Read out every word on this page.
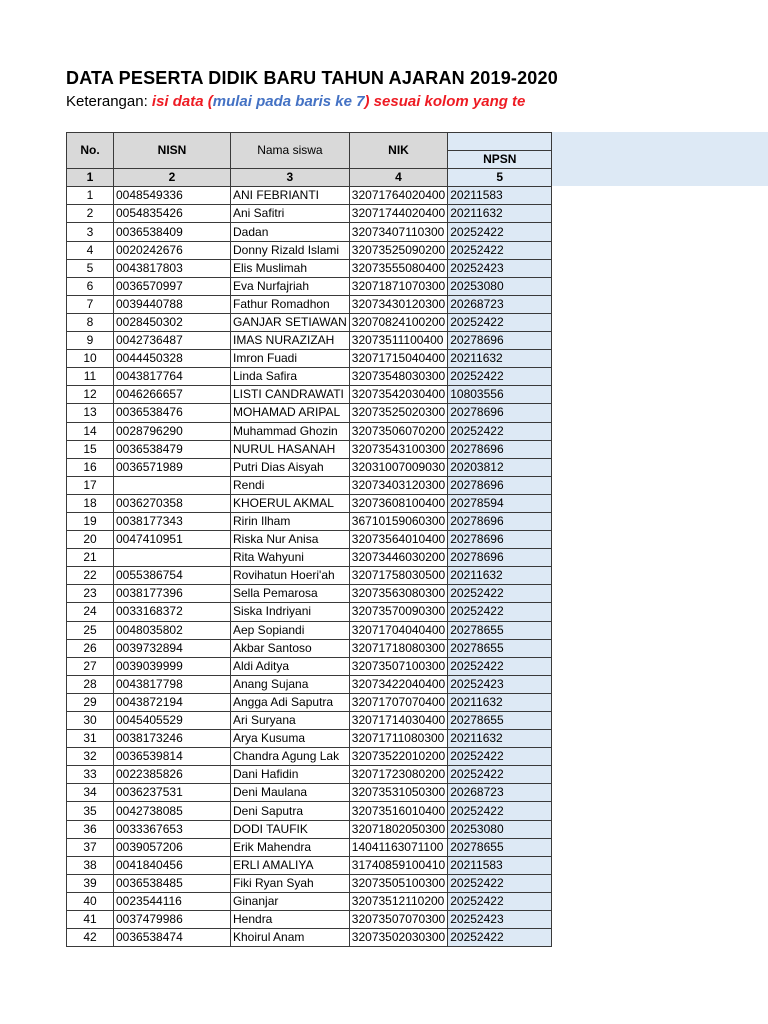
DATA PESERTA DIDIK BARU TAHUN AJARAN 2019-2020
Keterangan: isi data (mulai pada baris ke 7) sesuai kolom yang te
No.	NISN	Nama siswa	NIK	
				NPSN
1	2	3	4	5
1	0048549336	ANI FEBRIANTI	32071764020400	20211583
2	0054835426	Ani Safitri	32071744020400	20211632
3	0036538409	Dadan	32073407110300	20252422
4	0020242676	Donny Rizald Islami	32073525090200	20252422
5	0043817803	Elis Muslimah	32073555080400	20252423
6	0036570997	Eva Nurfajriah	32071871070300	20253080
7	0039440788	Fathur Romadhon	32073430120300	20268723
8	0028450302	GANJAR SETIAWAN	32070824100200	20252422
9	0042736487	IMAS NURAZIZAH	32073511100400	20278696
10	0044450328	Imron Fuadi	32071715040400	20211632
11	0043817764	Linda Safira	32073548030300	20252422
12	0046266657	LISTI CANDRAWATI	32073542030400	10803556
13	0036538476	MOHAMAD ARIPAL	32073525020300	20278696
14	0028796290	Muhammad Ghozin	32073506070200	20252422
15	0036538479	NURUL HASANAH	32073543100300	20278696
16	0036571989	Putri Dias Aisyah	32031007009030	20203812
17		Rendi	32073403120300	20278696
18	0036270358	KHOERUL AKMAL	32073608100400	20278594
19	0038177343	Ririn Ilham	36710159060300	20278696
20	0047410951	Riska Nur Anisa	32073564010400	20278696
21		Rita Wahyuni	32073446030200	20278696
22	0055386754	Rovihatun Hoeri'ah	32071758030500	20211632
23	0038177396	Sella Pemarosa	32073563080300	20252422
24	0033168372	Siska Indriyani	32073570090300	20252422
25	0048035802	Aep Sopiandi	32071704040400	20278655
26	0039732894	Akbar Santoso	32071718080300	20278655
27	0039039999	Aldi Aditya	32073507100300	20252422
28	0043817798	Anang Sujana	32073422040400	20252423
29	0043872194	Angga Adi Saputra	32071707070400	20211632
30	0045405529	Ari Suryana	32071714030400	20278655
31	0038173246	Arya Kusuma	32071711080300	20211632
32	0036539814	Chandra Agung Lak	32073522010200	20252422
33	0022385826	Dani Hafidin	32071723080200	20252422
34	0036237531	Deni Maulana	32073531050300	20268723
35	0042738085	Deni Saputra	32073516010400	20252422
36	0033367653	DODI TAUFIK	32071802050300	20253080
37	0039057206	Erik Mahendra	14041163071100	20278655
38	0041840456	ERLI AMALIYA	31740859100410	20211583
39	0036538485	Fiki Ryan Syah	32073505100300	20252422
40	0023544116	Ginanjar	32073512110200	20252422
41	0037479986	Hendra	32073507070300	20252423
42	0036538474	Khoirul Anam	32073502030300	20252422
